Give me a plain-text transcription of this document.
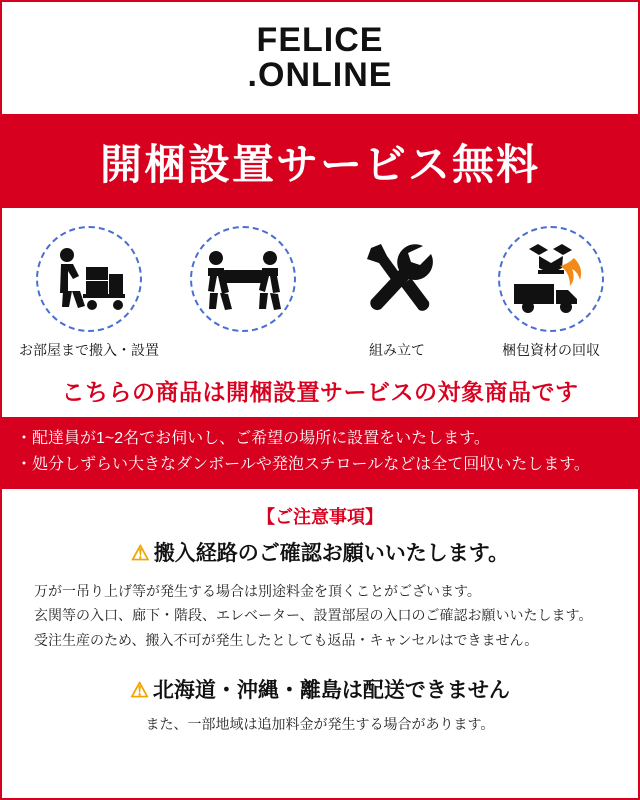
FELICE
.ONLINE
開梱設置サービス無料
お部屋まで搬入・設置	組み立て	梱包資材の回収
こちらの商品は開梱設置サービスの対象商品です
・配達員が1~2名でお伺いし、ご希望の場所に設置をいたします。
・処分しずらい大きなダンボールや発泡スチロールなどは全て回収いたします。
【ご注意事項】
⚠ 搬入経路のご確認お願いいたします。
万が一吊り上げ等が発生する場合は別途料金を頂くことがございます。
玄関等の入口、廊下・階段、エレベーター、設置部屋の入口のご確認お願いいたします。
受注生産のため、搬入不可が発生したとしても返品・キャンセルはできません。
⚠ 北海道・沖縄・離島は配送できません
また、一部地域は追加料金が発生する場合があります。
